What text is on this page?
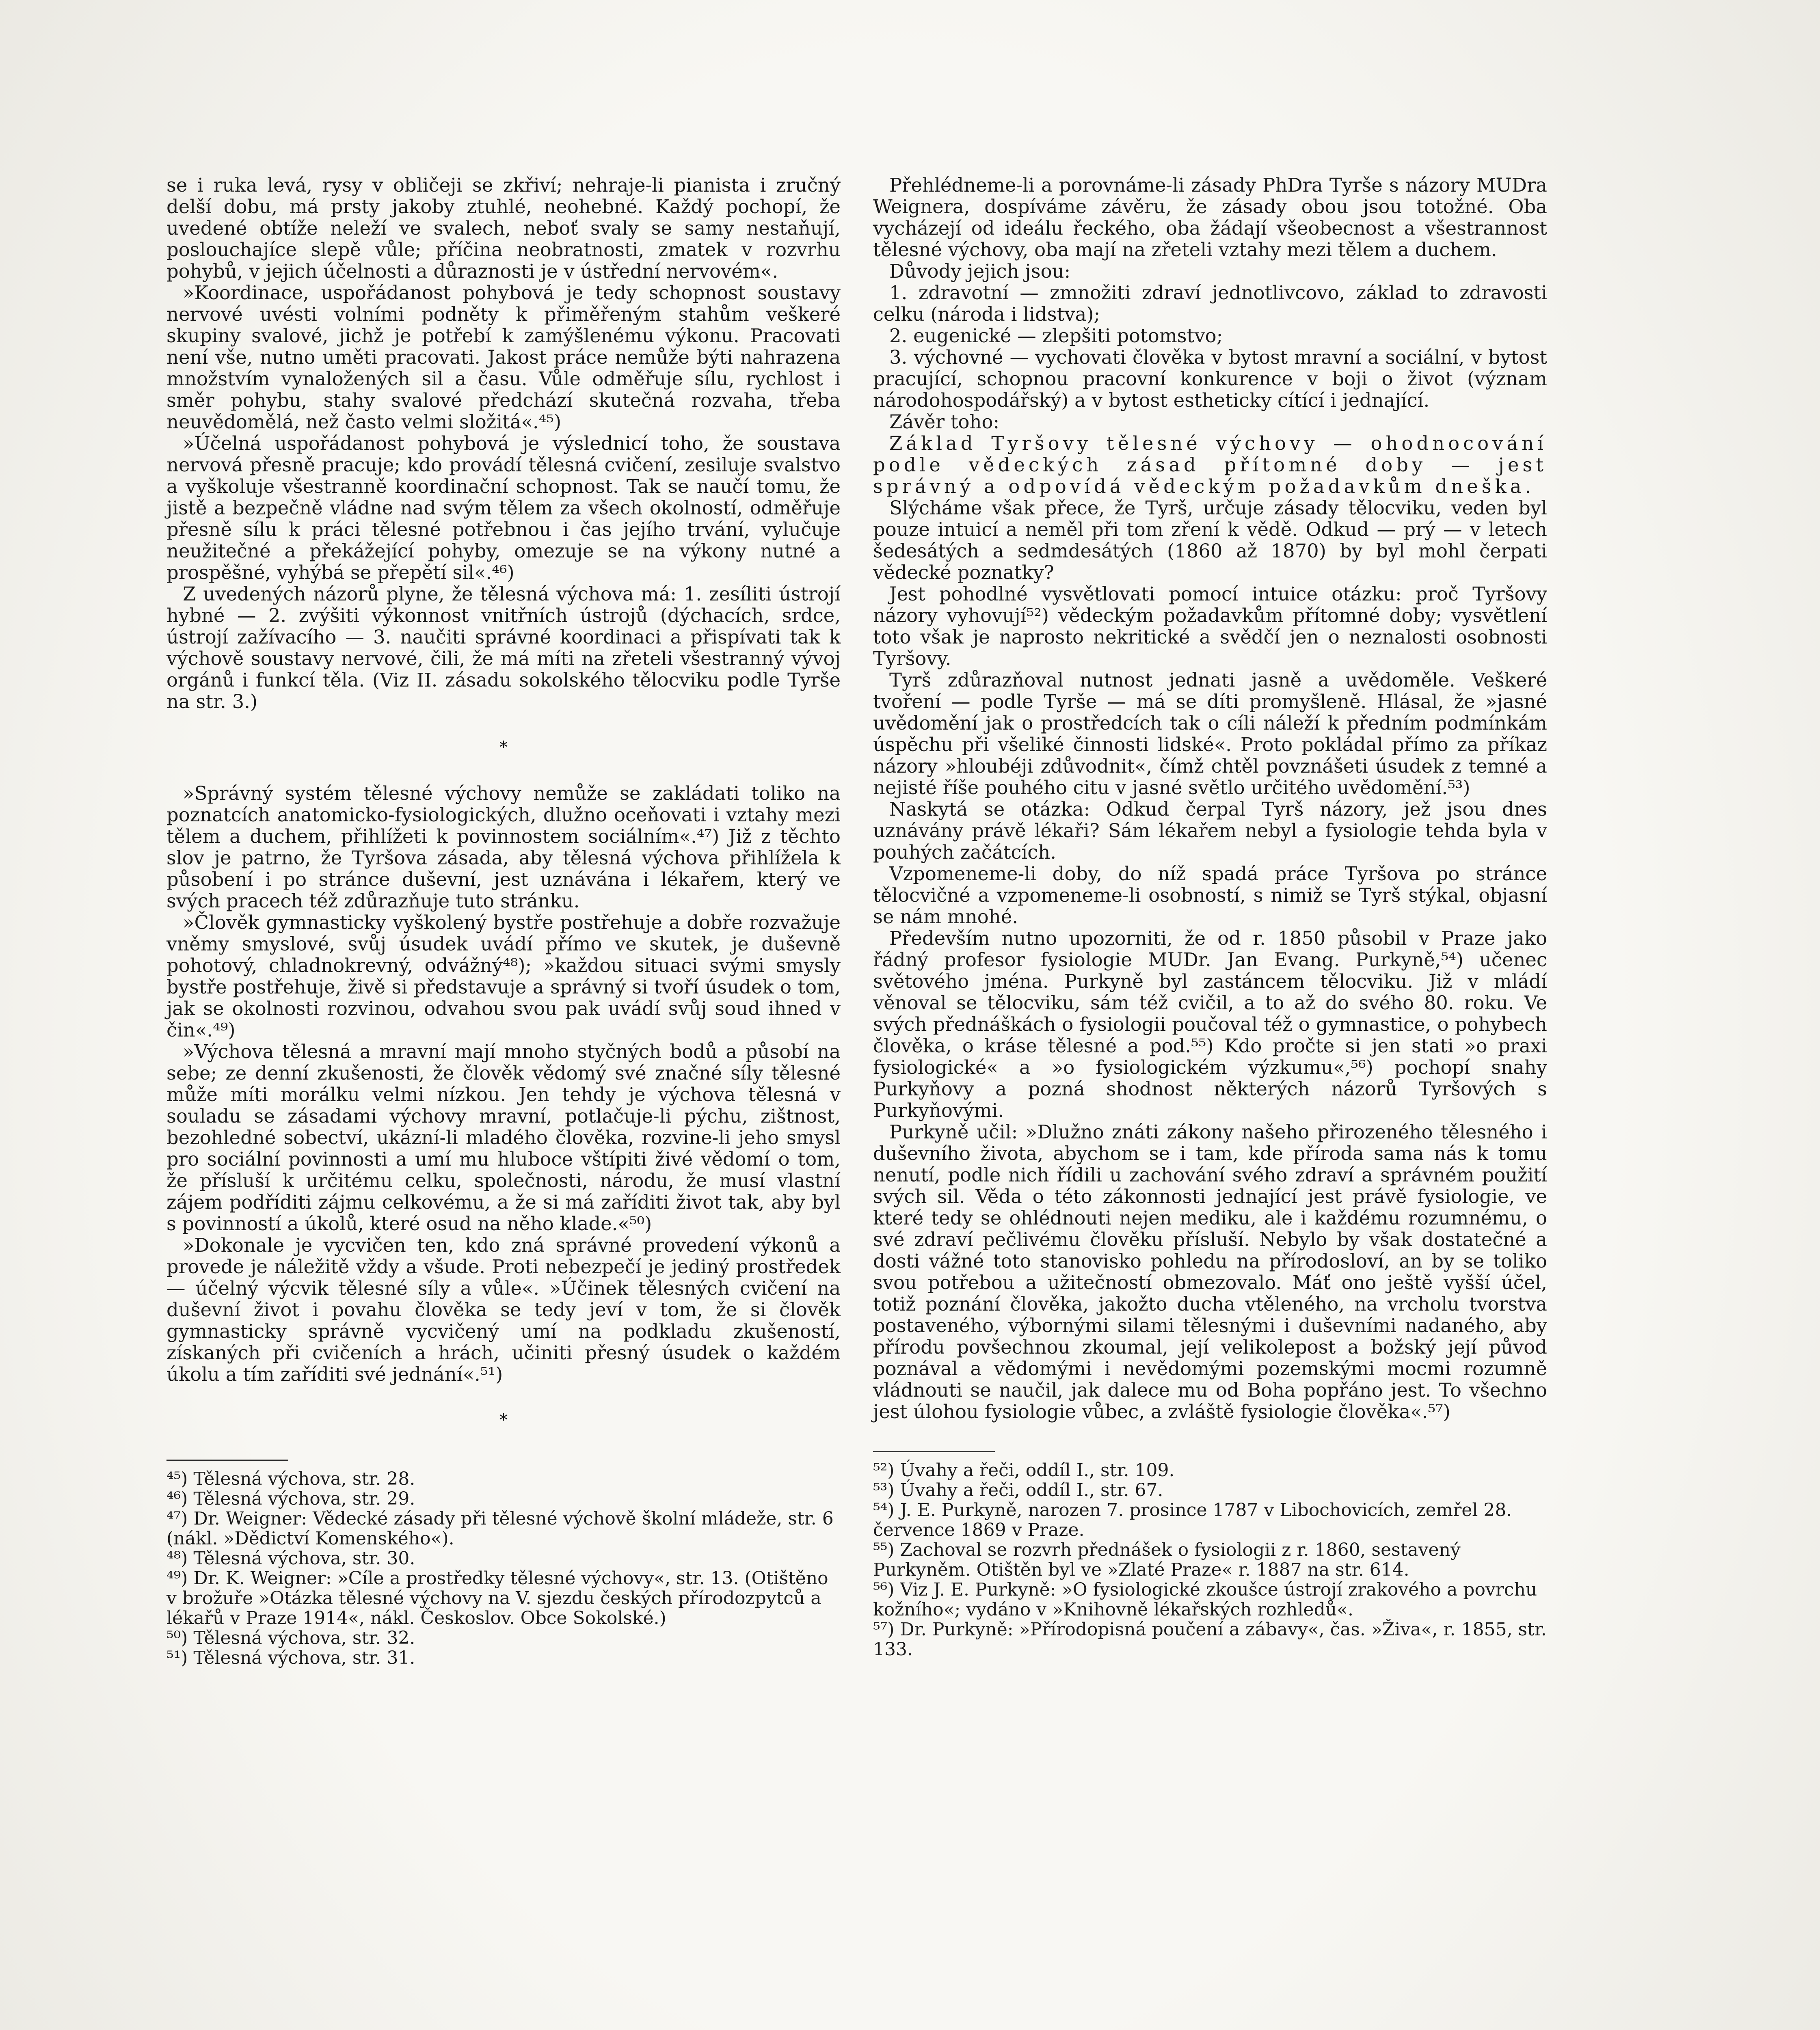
se i ruka levá, rysy v obličeji se zkřiví; nehraje-li pianista i zručný delší dobu, má prsty jakoby ztuhlé, neohebné. Každý pochopí, že uvedené obtíže neleží ve svalech, neboť svaly se samy nestaňují, poslouchajíce slepě vůle; příčina neobratnosti, zmatek v rozvrhu pohybů, v jejich účelnosti a důraznosti je v ústřední nervovém«.

»Koordinace, uspořádanost pohybová je tedy schopnost soustavy nervové uvésti volními podněty k přiměřeným stahům veškeré skupiny svalové, jichž je potřebí k zamýšlenému výkonu. Pracovati není vše, nutno uměti pracovati. Jakost práce nemůže býti nahrazena množstvím vynaložených sil a času. Vůle odměřuje sílu, rychlost i směr pohybu, stahy svalové předchází skutečná rozvaha, třeba neuvědomělá, než často velmi složitá«.⁴⁵)

»Účelná uspořádanost pohybová je výslednicí toho, že soustava nervová přesně pracuje; kdo provádí tělesná cvičení, zesiluje svalstvo a vyškoluje všestranně koordinační schopnost. Tak se naučí tomu, že jistě a bezpečně vládne nad svým tělem za všech okolností, odměřuje přesně sílu k práci tělesné potřebnou i čas jejího trvání, vylučuje neužitečné a překážející pohyby, omezuje se na výkony nutné a prospěšné, vyhýbá se přepětí sil«.⁴⁶)

Z uvedených názorů plyne, že tělesná výchova má: 1. zesíliti ústrojí hybné — 2. zvýšiti výkonnost vnitřních ústrojů (dýchacích, srdce, ústrojí zažívacího — 3. naučiti správné koordinaci a přispívati tak k výchově soustavy nervové, čili, že má míti na zřeteli všestranný vývoj orgánů i funkcí těla. (Viz II. zásadu sokolského tělocviku podle Tyrše na str. 3.)

*

»Správný systém tělesné výchovy nemůže se zakládati toliko na poznatcích anatomicko-fysiologických, dlužno oceňovati i vztahy mezi tělem a duchem, přihlížeti k povinnostem sociálním«.⁴⁷) Již z těchto slov je patrno, že Tyršova zásada, aby tělesná výchova přihlížela k působení i po stránce duševní, jest uznávána i lékařem, který ve svých pracech též zdůrazňuje tuto stránku.

»Člověk gymnasticky vyškolený bystře postřehuje a dobře rozvažuje vněmy smyslové, svůj úsudek uvádí přímo ve skutek, je duševně pohotový, chladnokrevný, odvážný⁴⁸); »každou situaci svými smysly bystře postřehuje, živě si představuje a správný si tvoří úsudek o tom, jak se okolnosti rozvinou, odvahou svou pak uvádí svůj soud ihned v čin«.⁴⁹)

»Výchova tělesná a mravní mají mnoho styčných bodů a působí na sebe; ze denní zkušenosti, že člověk vědomý své značné síly tělesné může míti morálku velmi nízkou. Jen tehdy je výchova tělesná v souladu se zásadami výchovy mravní, potlačuje-li pýchu, zištnost, bezohledné sobectví, ukázní-li mladého člověka, rozvine-li jeho smysl pro sociální povinnosti a umí mu hluboce vštípiti živé vědomí o tom, že přísluší k určitému celku, společnosti, národu, že musí vlastní zájem podříditi zájmu celkovému, a že si má zaříditi život tak, aby byl s povinností a úkolů, které osud na něho klade.«⁵⁰)

»Dokonale je vycvičen ten, kdo zná správné provedení výkonů a provede je náležitě vždy a všude. Proti nebezpečí je jediný prostředek — účelný výcvik tělesné síly a vůle«. »Účinek tělesných cvičení na duševní život i povahu člověka se tedy jeví v tom, že si člověk gymnasticky správně vycvičený umí na podkladu zkušeností, získaných při cvičeních a hrách, učiniti přesný úsudek o každém úkolu a tím zaříditi své jednání«.⁵¹)

*

⁴⁵) Tělesná výchova, str. 28.

⁴⁶) Tělesná výchova, str. 29.

⁴⁷) Dr. Weigner: Vědecké zásady při tělesné výchově školní mládeže, str. 6 (nákl. »Dědictví Komenského«).

⁴⁸) Tělesná výchova, str. 30.

⁴⁹) Dr. K. Weigner: »Cíle a prostředky tělesné výchovy«, str. 13. (Otištěno v brožuře »Otázka tělesné výchovy na V. sjezdu českých přírodozpytců a lékařů v Praze 1914«, nákl. Českoslov. Obce Sokolské.)

⁵⁰) Tělesná výchova, str. 32.

⁵¹) Tělesná výchova, str. 31.

Přehlédneme-li a porovnáme-li zásady PhDra Tyrše s názory MUDra Weignera, dospíváme závěru, že zásady obou jsou totožné. Oba vycházejí od ideálu řeckého, oba žádají všeobecnost a všestrannost tělesné výchovy, oba mají na zřeteli vztahy mezi tělem a duchem.

Důvody jejich jsou:

1. zdravotní — zmnožiti zdraví jednotlivcovo, základ to zdravosti celku (národa i lidstva);

2. eugenické — zlepšiti potomstvo;

3. výchovné — vychovati člověka v bytost mravní a sociální, v bytost pracující, schopnou pracovní konkurence v boji o život (význam národohospodářský) a v bytost estheticky cítící i jednající.

Závěr toho:

Základ Tyršovy tělesné výchovy — ohodnocování podle vědeckých zásad přítomné doby — jest správný a odpovídá vědeckým požadavkům dneška.

Slýcháme však přece, že Tyrš, určuje zásady tělocviku, veden byl pouze intuicí a neměl při tom zření k vědě. Odkud — prý — v letech šedesátých a sedmdesátých (1860 až 1870) by byl mohl čerpati vědecké poznatky?

Jest pohodlné vysvětlovati pomocí intuice otázku: proč Tyršovy názory vyhovují⁵²) vědeckým požadavkům přítomné doby; vysvětlení toto však je naprosto nekritické a svědčí jen o neznalosti osobnosti Tyršovy.

Tyrš zdůrazňoval nutnost jednati jasně a uvědoměle. Veškeré tvoření — podle Tyrše — má se díti promyšleně. Hlásal, že »jasné uvědomění jak o prostředcích tak o cíli náleží k předním podmínkám úspěchu při všeliké činnosti lidské«. Proto pokládal přímo za příkaz názory »hloubéji zdůvodnit«, čímž chtěl povznášeti úsudek z temné a nejisté říše pouhého citu v jasné světlo určitého uvědomění.⁵³)

Naskytá se otázka: Odkud čerpal Tyrš názory, jež jsou dnes uznávány právě lékaři? Sám lékařem nebyl a fysiologie tehda byla v pouhých začátcích.

Vzpomeneme-li doby, do níž spadá práce Tyršova po stránce tělocvičné a vzpomeneme-li osobností, s nimiž se Tyrš stýkal, objasní se nám mnohé.

Především nutno upozorniti, že od r. 1850 působil v Praze jako řádný profesor fysiologie MUDr. Jan Evang. Purkyně,⁵⁴) učenec světového jména. Purkyně byl zastáncem tělocviku. Již v mládí věnoval se tělocviku, sám též cvičil, a to až do svého 80. roku. Ve svých přednáškách o fysiologii poučoval též o gymnastice, o pohybech člověka, o kráse tělesné a pod.⁵⁵) Kdo pročte si jen stati »o praxi fysiologické« a »o fysiologickém výzkumu«,⁵⁶) pochopí snahy Purkyňovy a pozná shodnost některých názorů Tyršových s Purkyňovými.

Purkyně učil: »Dlužno znáti zákony našeho přirozeného tělesného i duševního života, abychom se i tam, kde příroda sama nás k tomu nenutí, podle nich řídili u zachování svého zdraví a správném použití svých sil. Věda o této zákonnosti jednající jest právě fysiologie, ve které tedy se ohlédnouti nejen mediku, ale i každému rozumnému, o své zdraví pečlivému člověku přísluší. Nebylo by však dostatečné a dosti vážné toto stanovisko pohledu na přírodosloví, an by se toliko svou potřebou a užitečností obmezovalo. Máť ono ještě vyšší účel, totiž poznání člověka, jakožto ducha vtěleného, na vrcholu tvorstva postaveného, výbornými silami tělesnými i duševními nadaného, aby přírodu povšechnou zkoumal, její velikolepost a božský její původ poznával a vědomými i nevědomými pozemskými mocmi rozumně vládnouti se naučil, jak dalece mu od Boha popřáno jest. To všechno jest úlohou fysiologie vůbec, a zvláště fysiologie člověka«.⁵⁷)

⁵²) Úvahy a řeči, oddíl I., str. 109.

⁵³) Úvahy a řeči, oddíl I., str. 67.

⁵⁴) J. E. Purkyně, narozen 7. prosince 1787 v Libochovicích, zemřel 28. července 1869 v Praze.

⁵⁵) Zachoval se rozvrh přednášek o fysiologii z r. 1860, sestavený Purkyněm. Otištěn byl ve »Zlaté Praze« r. 1887 na str. 614.

⁵⁶) Viz J. E. Purkyně: »O fysiologické zkoušce ústrojí zrakového a povrchu kožního«; vydáno v »Knihovně lékařských rozhledů«.

⁵⁷) Dr. Purkyně: »Přírodopisná poučení a zábavy«, čas. »Živa«, r. 1855, str. 133.
